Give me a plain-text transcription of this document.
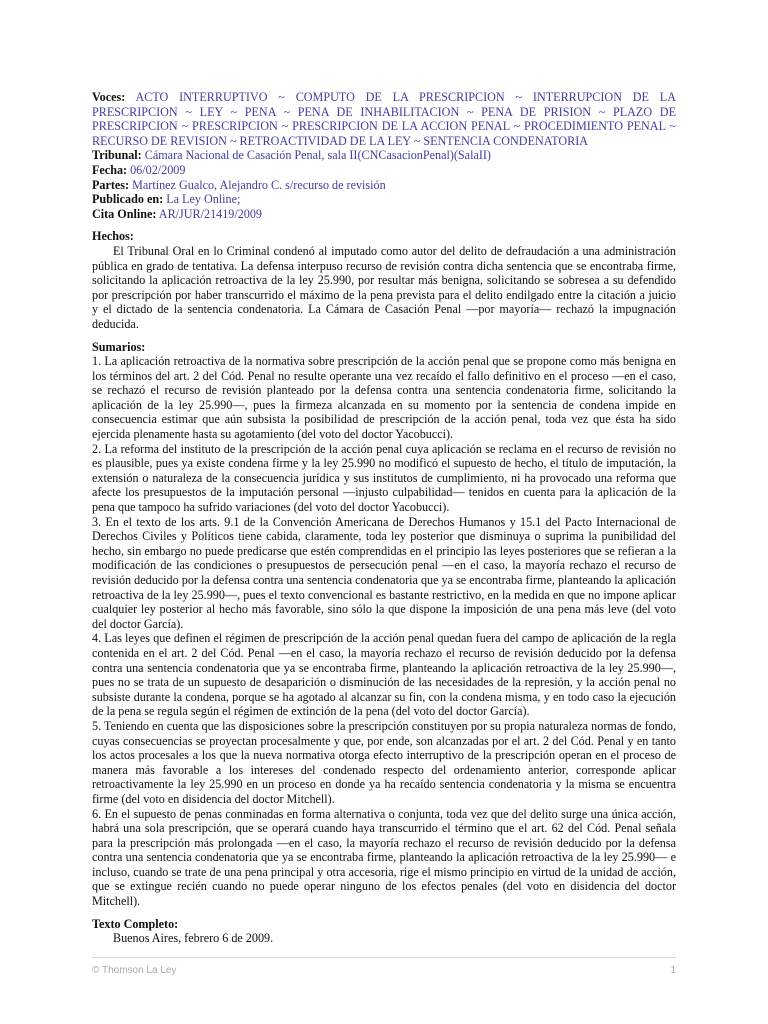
Voces: ACTO INTERRUPTIVO ~ COMPUTO DE LA PRESCRIPCION ~ INTERRUPCION DE LA PRESCRIPCION ~ LEY ~ PENA ~ PENA DE INHABILITACION ~ PENA DE PRISION ~ PLAZO DE PRESCRIPCION ~ PRESCRIPCION ~ PRESCRIPCION DE LA ACCION PENAL ~ PROCEDIMIENTO PENAL ~ RECURSO DE REVISION ~ RETROACTIVIDAD DE LA LEY ~ SENTENCIA CONDENATORIA
Tribunal: Cámara Nacional de Casación Penal, sala II(CNCasacionPenal)(SalaII)
Fecha: 06/02/2009
Partes: Martínez Gualco, Alejandro C. s/recurso de revisión
Publicado en: La Ley Online;
Cita Online: AR/JUR/21419/2009
Hechos:
El Tribunal Oral en lo Criminal condenó al imputado como autor del delito de defraudación a una administración pública en grado de tentativa. La defensa interpuso recurso de revisión contra dicha sentencia que se encontraba firme, solicitando la aplicación retroactiva de la ley 25.990, por resultar más benigna, solicitando se sobresea a su defendido por prescripción por haber transcurrido el máximo de la pena prevista para el delito endilgado entre la citación a juicio y el dictado de la sentencia condenatoria. La Cámara de Casación Penal —por mayoría— rechazó la impugnación deducida.
Sumarios:
1. La aplicación retroactiva de la normativa sobre prescripción de la acción penal que se propone como más benigna en los términos del art. 2 del Cód. Penal no resulte operante una vez recaído el fallo definitivo en el proceso —en el caso, se rechazó el recurso de revisión planteado por la defensa contra una sentencia condenatoria firme, solicitando la aplicación de la ley 25.990—, pues la firmeza alcanzada en su momento por la sentencia de condena impide en consecuencia estimar que aún subsista la posibilidad de prescripción de la acción penal, toda vez que ésta ha sido ejercida plenamente hasta su agotamiento (del voto del doctor Yacobucci).
2. La reforma del instituto de la prescripción de la acción penal cuya aplicación se reclama en el recurso de revisión no es plausible, pues ya existe condena firme y la ley 25.990 no modificó el supuesto de hecho, el título de imputación, la extensión o naturaleza de la consecuencia jurídica y sus institutos de cumplimiento, ni ha provocado una reforma que afecte los presupuestos de la imputación personal —injusto culpabilidad— tenidos en cuenta para la aplicación de la pena que tampoco ha sufrido variaciones (del voto del doctor Yacobucci).
3. En el texto de los arts. 9.1 de la Convención Americana de Derechos Humanos y 15.1 del Pacto Internacional de Derechos Civiles y Políticos tiene cabida, claramente, toda ley posterior que disminuya o suprima la punibilidad del hecho, sin embargo no puede predicarse que estén comprendidas en el principio las leyes posteriores que se refieran a la modificación de las condiciones o presupuestos de persecución penal —en el caso, la mayoría rechazo el recurso de revisión deducido por la defensa contra una sentencia condenatoria que ya se encontraba firme, planteando la aplicación retroactiva de la ley 25.990—, pues el texto convencional es bastante restrictivo, en la medida en que no impone aplicar cualquier ley posterior al hecho más favorable, sino sólo la que dispone la imposición de una pena más leve (del voto del doctor García).
4. Las leyes que definen el régimen de prescripción de la acción penal quedan fuera del campo de aplicación de la regla contenida en el art. 2 del Cód. Penal —en el caso, la mayoría rechazo el recurso de revisión deducido por la defensa contra una sentencia condenatoria que ya se encontraba firme, planteando la aplicación retroactiva de la ley 25.990—, pues no se trata de un supuesto de desaparición o disminución de las necesidades de la represión, y la acción penal no subsiste durante la condena, porque se ha agotado al alcanzar su fin, con la condena misma, y en todo caso la ejecución de la pena se regula según el régimen de extinción de la pena (del voto del doctor García).
5. Teniendo en cuenta que las disposiciones sobre la prescripción constituyen por su propia naturaleza normas de fondo, cuyas consecuencias se proyectan procesalmente y que, por ende, son alcanzadas por el art. 2 del Cód. Penal y en tanto los actos procesales a los que la nueva normativa otorga efecto interruptivo de la prescripción operan en el proceso de manera más favorable a los intereses del condenado respecto del ordenamiento anterior, corresponde aplicar retroactivamente la ley 25.990 en un proceso en donde ya ha recaído sentencia condenatoria y la misma se encuentra firme (del voto en disidencia del doctor Mitchell).
6. En el supuesto de penas conminadas en forma alternativa o conjunta, toda vez que del delito surge una única acción, habrá una sola prescripción, que se operará cuando haya transcurrido el término que el art. 62 del Cód. Penal señala para la prescripción más prolongada —en el caso, la mayoría rechazo el recurso de revisión deducido por la defensa contra una sentencia condenatoria que ya se encontraba firme, planteando la aplicación retroactiva de la ley 25.990— e incluso, cuando se trate de una pena principal y otra accesoria, rige el mismo principio en virtud de la unidad de acción, que se extingue recién cuando no puede operar ninguno de los efectos penales (del voto en disidencia del doctor Mitchell).
Texto Completo:
Buenos Aires, febrero 6 de 2009.
© Thomson La Ley	1
